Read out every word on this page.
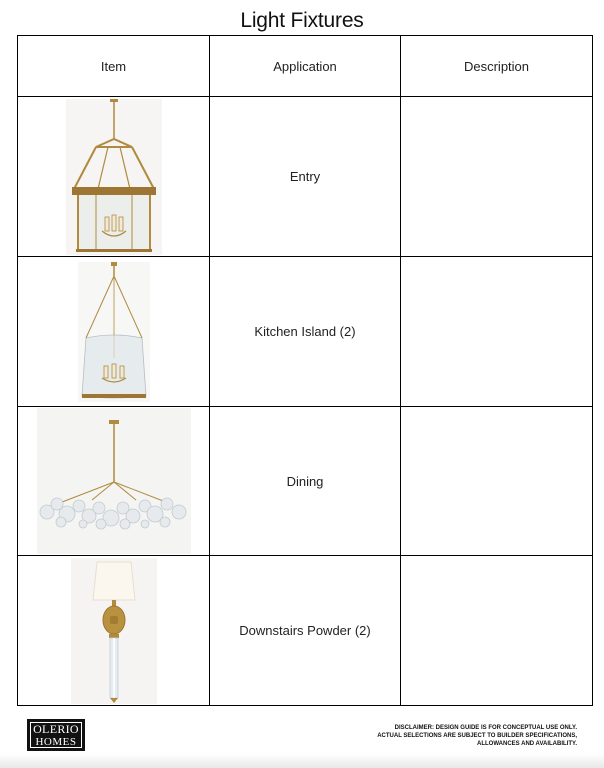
Light Fixtures
Item	Application	Description

	Entry	

	Kitchen Island (2)	

	Dining	

	Downstairs Powder (2)	
OLERIO
HOMES
DISCLAIMER: DESIGN GUIDE IS FOR CONCEPTUAL USE ONLY.
ACTUAL SELECTIONS ARE SUBJECT TO BUILDER SPECIFICATIONS,
ALLOWANCES AND AVAILABILITY.
